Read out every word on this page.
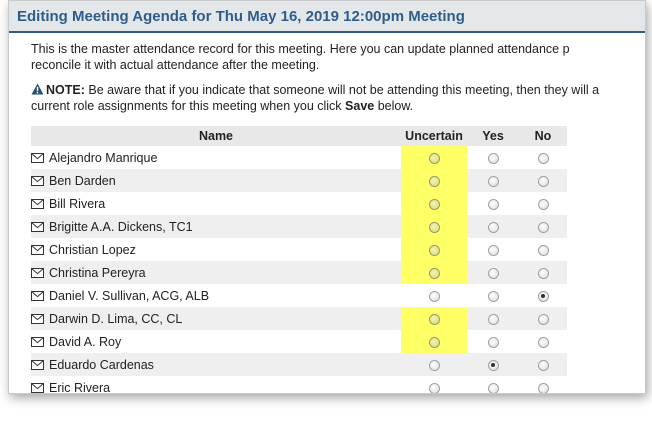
Editing Meeting Agenda for Thu May 16, 2019 12:00pm Meeting
This is the master attendance record for this meeting. Here you can update planned attendance p
reconcile it with actual attendance after the meeting.
NOTE: Be aware that if you indicate that someone will not be attending this meeting, then they will a
current role assignments for this meeting when you click Save below.
Name	Uncertain	Yes	No
Alejandro Manrique			
Ben Darden			
Bill Rivera			
Brigitte A.A. Dickens, TC1			
Christian Lopez			
Christina Pereyra			
Daniel V. Sullivan, ACG, ALB			
Darwin D. Lima, CC, CL			
David A. Roy			
Eduardo Cardenas			
Eric Rivera			
